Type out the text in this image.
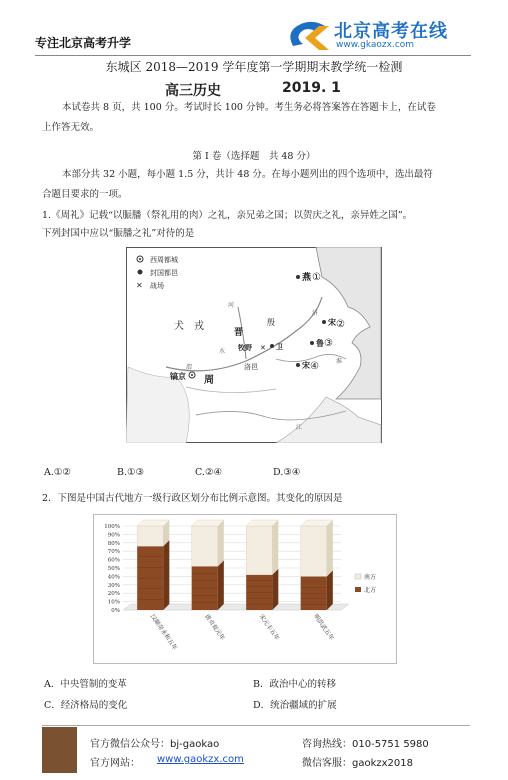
专注北京高考升学
北京高考在线
www.gkaozx.com
东城区 2018—2019 学年度第一学期期末教学统一检测
高三历史	2019. 1
本试卷共 8 页，共 100 分。考试时长 100 分钟。考生务必将答案答在答题卡上，在试卷
上作答无效。
第 Ⅰ 卷（选择题　共 48 分）
本部分共 32 小题，每小题 1.5 分，共计 48 分。在每小题列出的四个选项中，选出最符
合题目要求的一项。
1.《周礼》记载“以脤膰（祭礼用的肉）之礼，亲兄弟之国；以贺庆之礼，亲异姓之国”。
下列封国中应以“脤膰之礼”对待的是
西周都城
封国都邑
✕ 战场
犬　戎
燕 ①
宋 ②
鲁 ③
宋 ④
晋
殷
✕
牧野	卫
洛邑
镐京 周
河
水
江
渭
济
淮
A.①②	B.①③	C.②④	D.③④
2．下图是中国古代地方一级行政区划分布比例示意图。其变化的原因是
0%
10%
20%
30%
40%
50%
60%
70%
80%
90%
100%
汉顺帝永和五年	唐贞观元年	宋元丰五年	明洪武五年
南方
北方
A．中央管制的变革	B．政治中心的转移
C．经济格局的变化	D．统治疆域的扩展
官方微信公众号：bj-gaokao
官方网站： www.gaokzx.com
咨询热线：010-5751 5980
微信客服：gaokzx2018
